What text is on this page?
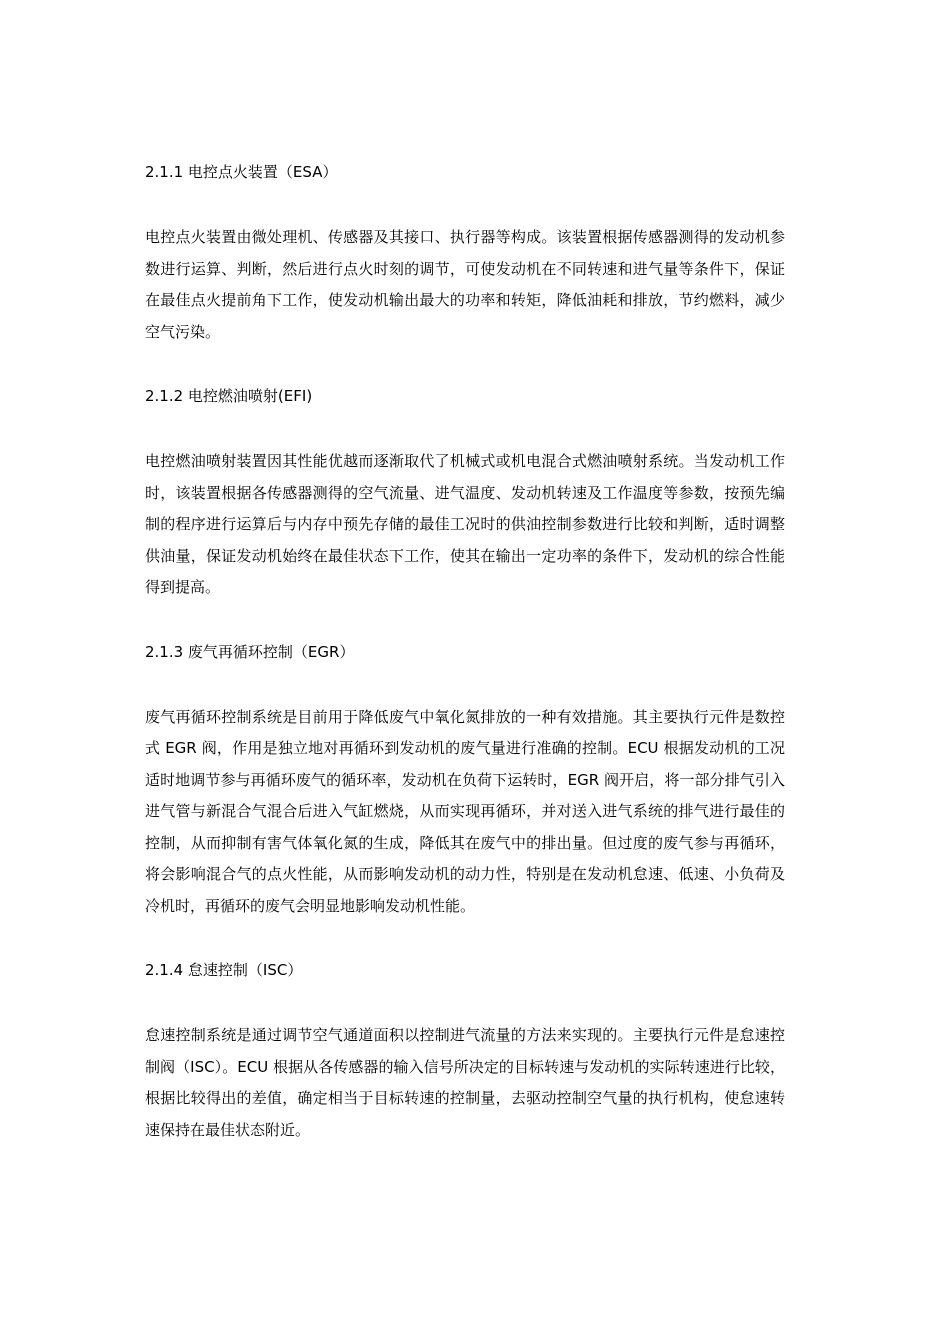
2.1.1 电控点火装置（ESA）

电控点火装置由微处理机、传感器及其接口、执行器等构成。该装置根据传感器测得的发动机参数进行运算、判断，然后进行点火时刻的调节，可使发动机在不同转速和进气量等条件下，保证在最佳点火提前角下工作，使发动机输出最大的功率和转矩，降低油耗和排放，节约燃料，减少空气污染。

2.1.2 电控燃油喷射(EFI)

电控燃油喷射装置因其性能优越而逐渐取代了机械式或机电混合式燃油喷射系统。当发动机工作时，该装置根据各传感器测得的空气流量、进气温度、发动机转速及工作温度等参数，按预先编制的程序进行运算后与内存中预先存储的最佳工况时的供油控制参数进行比较和判断，适时调整供油量，保证发动机始终在最佳状态下工作，使其在输出一定功率的条件下，发动机的综合性能得到提高。

2.1.3 废气再循环控制（EGR）

废气再循环控制系统是目前用于降低废气中氧化氮排放的一种有效措施。其主要执行元件是数控式 EGR 阀，作用是独立地对再循环到发动机的废气量进行准确的控制。ECU 根据发动机的工况适时地调节参与再循环废气的循环率，发动机在负荷下运转时，EGR 阀开启，将一部分排气引入进气管与新混合气混合后进入气缸燃烧，从而实现再循环，并对送入进气系统的排气进行最佳的控制，从而抑制有害气体氧化氮的生成，降低其在废气中的排出量。但过度的废气参与再循环，将会影响混合气的点火性能，从而影响发动机的动力性，特别是在发动机怠速、低速、小负荷及冷机时，再循环的废气会明显地影响发动机性能。

2.1.4 怠速控制（ISC）

怠速控制系统是通过调节空气通道面积以控制进气流量的方法来实现的。主要执行元件是怠速控制阀（ISC）。ECU 根据从各传感器的输入信号所决定的目标转速与发动机的实际转速进行比较，根据比较得出的差值，确定相当于目标转速的控制量，去驱动控制空气量的执行机构，使怠速转速保持在最佳状态附近。
